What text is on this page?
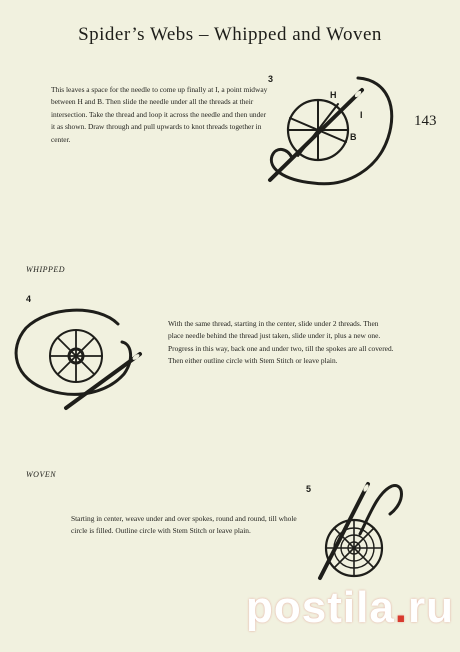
Spider’s Webs – Whipped and Woven
143

This leaves a space for the needle to come up finally at I, a point midway between H and B. Then slide the needle under all the threads at their intersection. Take the thread and loop it across the needle and then under it as shown. Draw through and pull upwards to knot threads together in center.

3
H
I
B
WHIPPED
4

With the same thread, starting in the center, slide under 2 threads. Then place needle behind the thread just taken, slide under it, plus a new one. Progress in this way, back one and under two, till the spokes are all covered. Then either outline circle with Stem Stitch or leave plain.

WOVEN

Starting in center, weave under and over spokes, round and round, till whole circle is filled. Outline circle with Stem Stitch or leave plain.

5
postila.ru
